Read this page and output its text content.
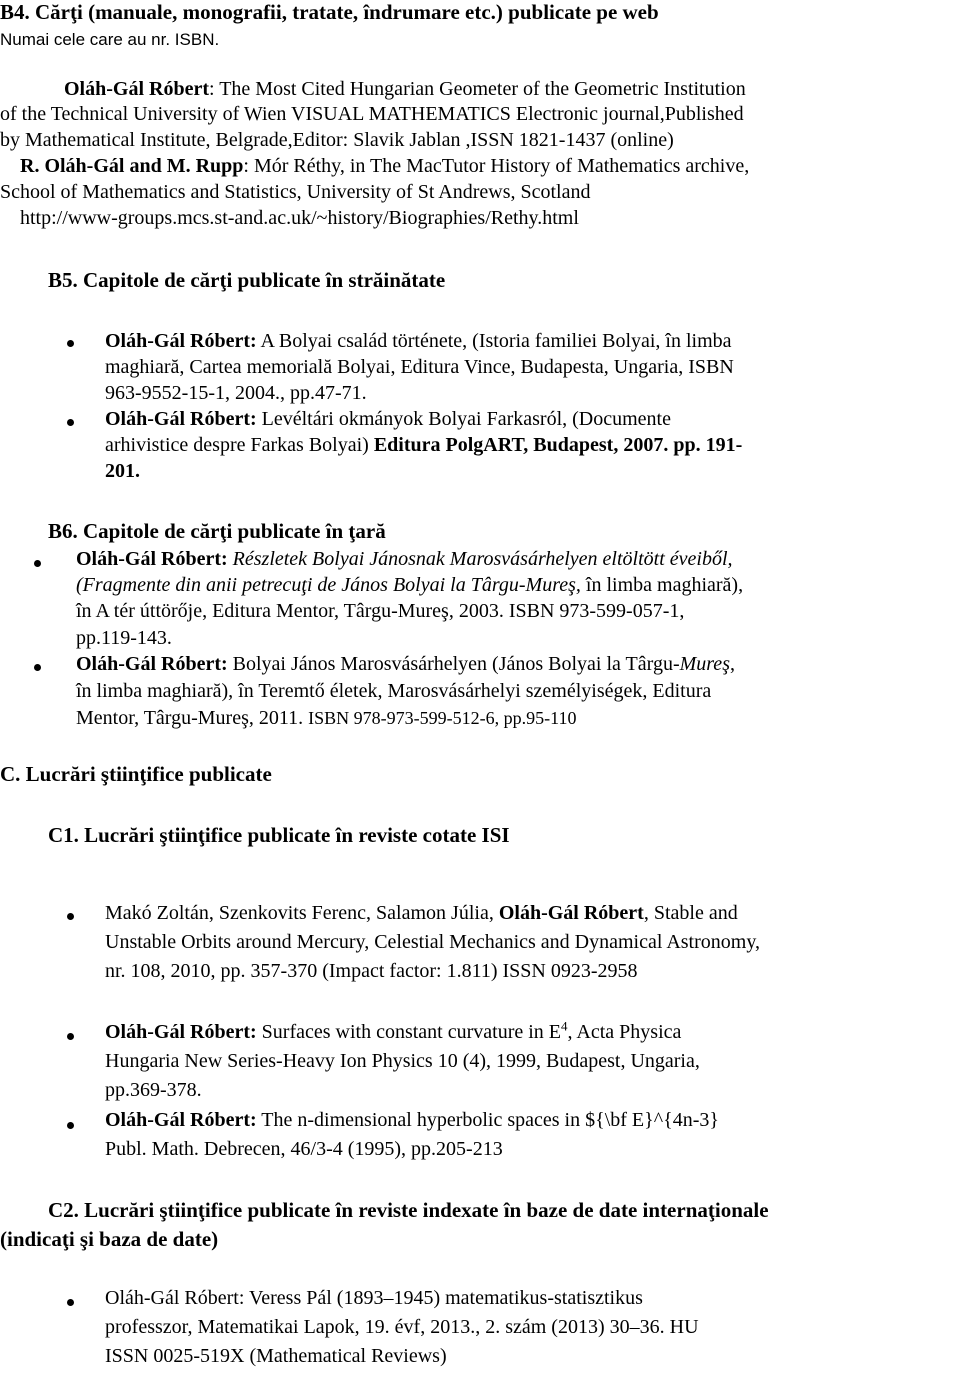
B4. Cărţi (manuale, monografii, tratate, îndrumare etc.) publicate pe web
Numai cele care au nr. ISBN.
Oláh-Gál Róbert: The Most Cited Hungarian Geometer of the Geometric Institution
of the Technical University of Wien VISUAL MATHEMATICS Electronic journal,Published
by Mathematical Institute, Belgrade,Editor: Slavik Jablan ,ISSN 1821-1437 (online)
R. Oláh-Gál and M. Rupp: Mór Réthy, in The MacTutor History of Mathematics archive,
School of Mathematics and Statistics, University of St Andrews, Scotland
http://www-groups.mcs.st-and.ac.uk/~history/Biographies/Rethy.html
B5. Capitole de cărţi publicate în străinătate
Oláh-Gál Róbert: A Bolyai család története, (Istoria familiei Bolyai, în limba
maghiară, Cartea memorială Bolyai, Editura Vince, Budapesta, Ungaria, ISBN
963-9552-15-1, 2004., pp.47-71.
Oláh-Gál Róbert: Levéltári okmányok Bolyai Farkasról, (Documente
arhivistice despre Farkas Bolyai) Editura PolgART, Budapest, 2007. pp. 191-
201.
B6. Capitole de cărţi publicate în ţară
Oláh-Gál Róbert: Részletek Bolyai Jánosnak Marosvásárhelyen eltöltött éveiből,
(Fragmente din anii petrecuţi de János Bolyai la Târgu-Mureş, în limba maghiară),
în A tér úttörője, Editura Mentor, Târgu-Mureş, 2003. ISBN 973-599-057-1,
pp.119-143.
Oláh-Gál Róbert: Bolyai János Marosvásárhelyen (János Bolyai la Târgu-Mureş,
în limba maghiară), în Teremtő életek, Marosvásárhelyi személyiségek, Editura
Mentor, Târgu-Mureş, 2011. ISBN 978-973-599-512-6, pp.95-110
C. Lucrări ştiinţifice publicate
C1. Lucrări ştiinţifice publicate în reviste cotate ISI
Makó Zoltán, Szenkovits Ferenc, Salamon Júlia, Oláh-Gál Róbert, Stable and
Unstable Orbits around Mercury, Celestial Mechanics and Dynamical Astronomy,
nr. 108, 2010, pp. 357-370 (Impact factor: 1.811) ISSN 0923-2958
Oláh-Gál Róbert: Surfaces with constant curvature in $E^4$, Acta Physica
Hungaria New Series-Heavy Ion Physics 10 (4), 1999, Budapest, Ungaria,
pp.369-378.
Oláh-Gál Róbert: The n-dimensional hyperbolic spaces in ${\bf E}^{4n-3}
Publ. Math. Debrecen, 46/3-4 (1995), pp.205-213
C2. Lucrări ştiinţifice publicate în reviste indexate în baze de date internaţionale
(indicaţi şi baza de date)
Oláh-Gál Róbert: Veress Pál (1893–1945) matematikus-statisztikus
professzor, Matematikai Lapok, 19. évf, 2013., 2. szám (2013) 30–36. HU
ISSN 0025-519X (Mathematical Reviews)
